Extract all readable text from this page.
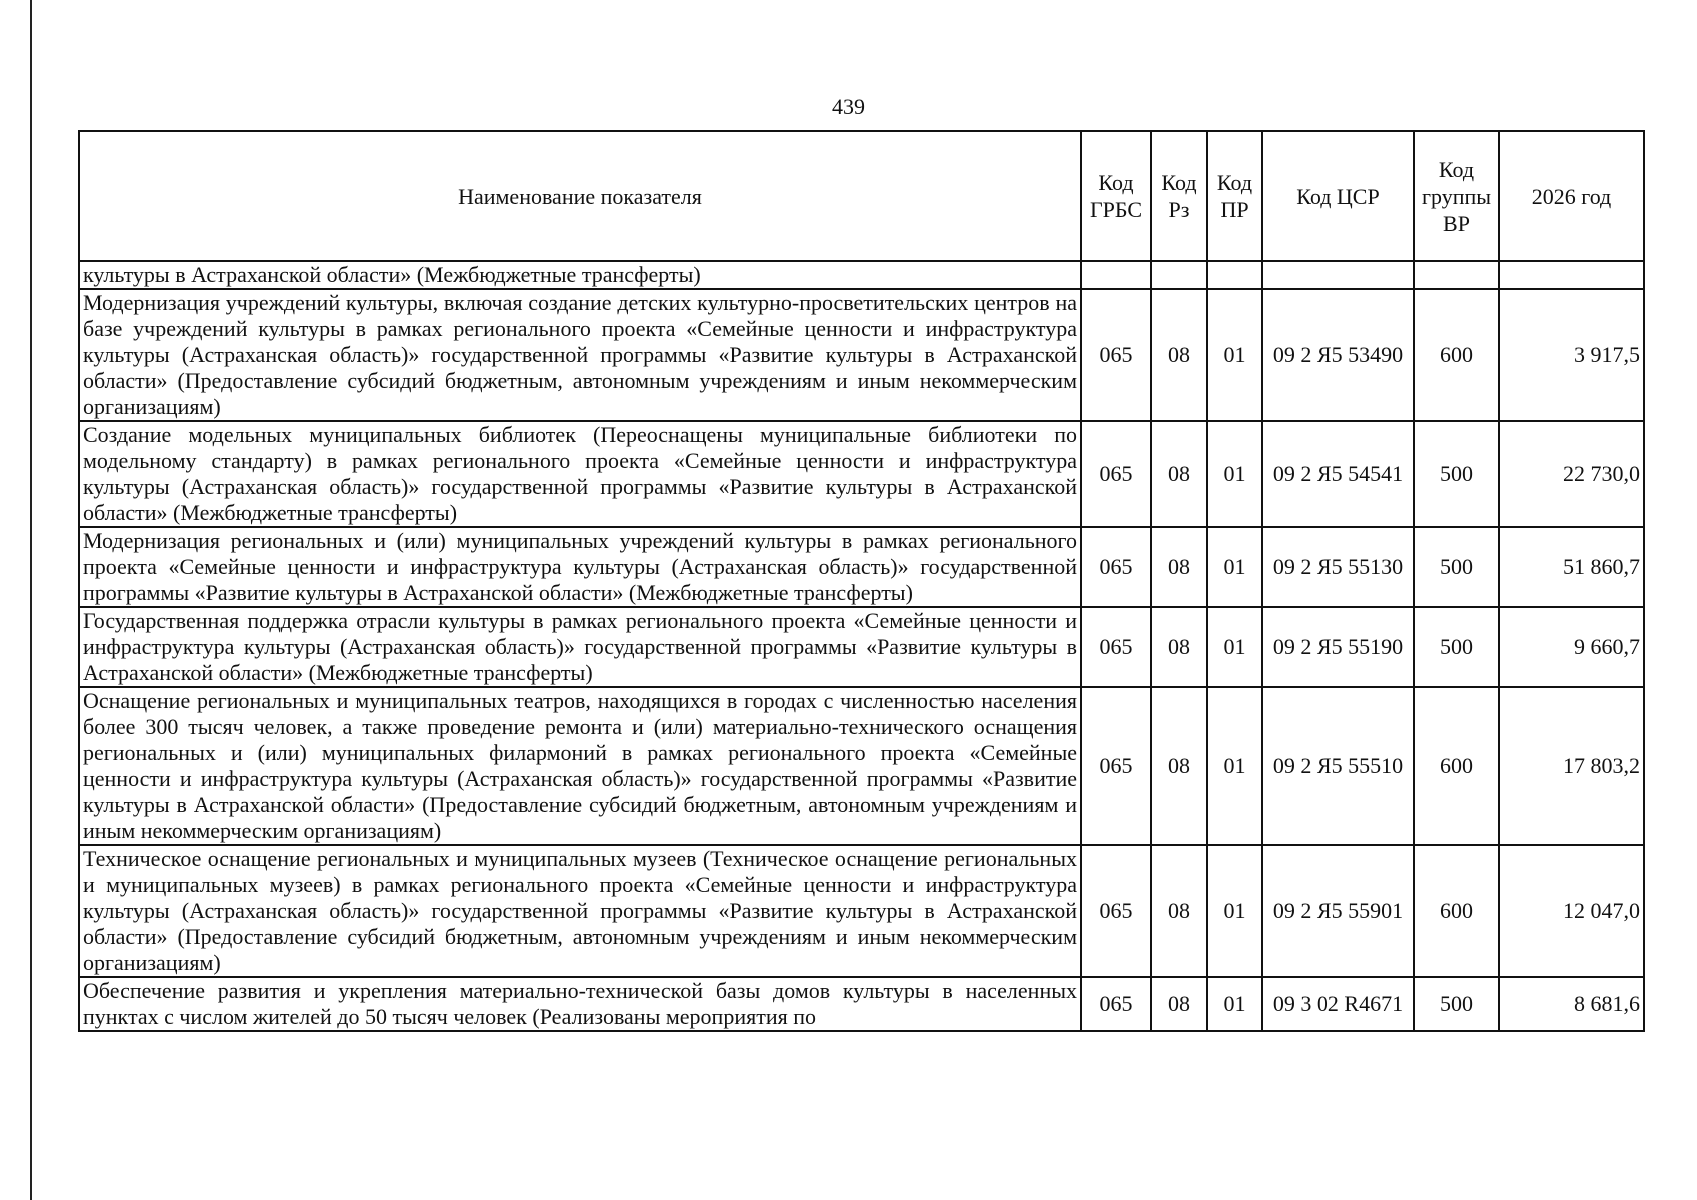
439
Наименование показателя	Код ГРБС	Код Рз	Код ПР	Код ЦСР	Код группы ВР	2026 год
культуры в Астраханской области» (Межбюджетные трансферты)						
Модернизация учреждений культуры, включая создание детских культурно-просветительских центров на базе учреждений культуры в рамках регионального проекта «Семейные ценности и инфраструктура культуры (Астраханская область)» государственной программы «Развитие культуры в Астраханской области» (Предоставление субсидий бюджетным, автономным учреждениям и иным некоммерческим организациям)	065	08	01	09 2 Я5 53490	600	3 917,5
Создание модельных муниципальных библиотек (Переоснащены муниципальные библиотеки по модельному стандарту) в рамках регионального проекта «Семейные ценности и инфраструктура культуры (Астраханская область)» государственной программы «Развитие культуры в Астраханской области» (Межбюджетные трансферты)	065	08	01	09 2 Я5 54541	500	22 730,0
Модернизация региональных и (или) муниципальных учреждений культуры в рамках регионального проекта «Семейные ценности и инфраструктура культуры (Астраханская область)» государственной программы «Развитие культуры в Астраханской области» (Межбюджетные трансферты)	065	08	01	09 2 Я5 55130	500	51 860,7
Государственная поддержка отрасли культуры в рамках регионального проекта «Семейные ценности и инфраструктура культуры (Астраханская область)» государственной программы «Развитие культуры в Астраханской области» (Межбюджетные трансферты)	065	08	01	09 2 Я5 55190	500	9 660,7
Оснащение региональных и муниципальных театров, находящихся в городах с численностью населения более 300 тысяч человек, а также проведение ремонта и (или) материально-технического оснащения региональных и (или) муниципальных филармоний в рамках регионального проекта «Семейные ценности и инфраструктура культуры (Астраханская область)» государственной программы «Развитие культуры в Астраханской области» (Предоставление субсидий бюджетным, автономным учреждениям и иным некоммерческим организациям)	065	08	01	09 2 Я5 55510	600	17 803,2
Техническое оснащение региональных и муниципальных музеев (Техническое оснащение региональных и муниципальных музеев) в рамках регионального проекта «Семейные ценности и инфраструктура культуры (Астраханская область)» государственной программы «Развитие культуры в Астраханской области» (Предоставление субсидий бюджетным, автономным учреждениям и иным некоммерческим организациям)	065	08	01	09 2 Я5 55901	600	12 047,0
Обеспечение развития и укрепления материально-технической базы домов культуры в населенных пунктах с числом жителей до 50 тысяч человек (Реализованы мероприятия по	065	08	01	09 3 02 R4671	500	8 681,6
